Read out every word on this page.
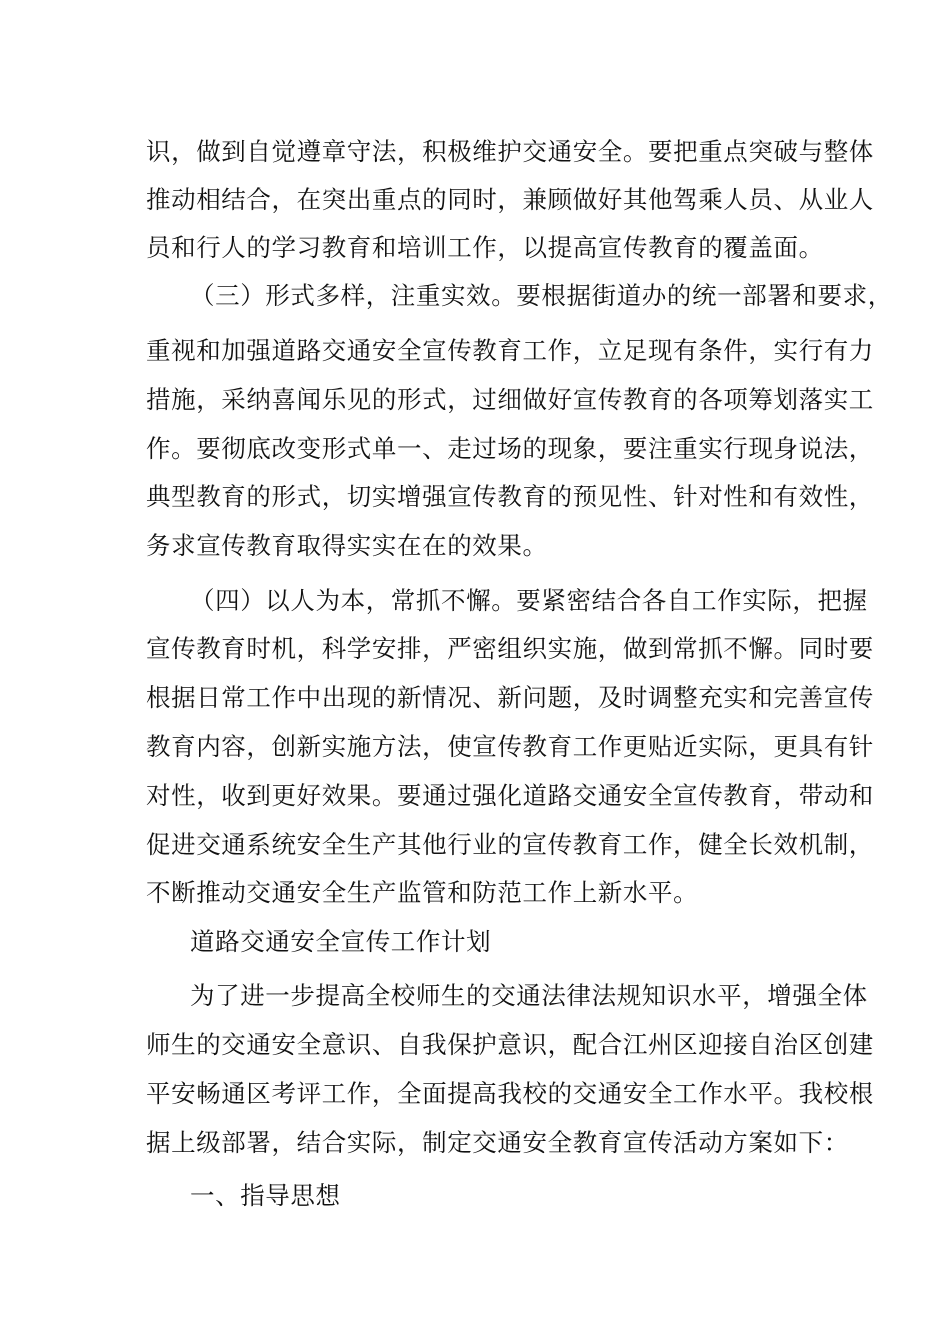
识，做到自觉遵章守法，积极维护交通安全。要把重点突破与整体

推动相结合，在突出重点的同时，兼顾做好其他驾乘人员、从业人

员和行人的学习教育和培训工作，以提高宣传教育的覆盖面。

（三）形式多样，注重实效。要根据街道办的统一部署和要求，

重视和加强道路交通安全宣传教育工作，立足现有条件，实行有力

措施，采纳喜闻乐见的形式，过细做好宣传教育的各项筹划落实工

作。要彻底改变形式单一、走过场的现象，要注重实行现身说法，

典型教育的形式，切实增强宣传教育的预见性、针对性和有效性，

务求宣传教育取得实实在在的效果。

（四）以人为本，常抓不懈。要紧密结合各自工作实际，把握

宣传教育时机，科学安排，严密组织实施，做到常抓不懈。同时要

根据日常工作中出现的新情况、新问题，及时调整充实和完善宣传

教育内容，创新实施方法，使宣传教育工作更贴近实际，更具有针

对性，收到更好效果。要通过强化道路交通安全宣传教育，带动和

促进交通系统安全生产其他行业的宣传教育工作，健全长效机制，

不断推动交通安全生产监管和防范工作上新水平。

道路交通安全宣传工作计划

为了进一步提高全校师生的交通法律法规知识水平，增强全体

师生的交通安全意识、自我保护意识，配合江州区迎接自治区创建

平安畅通区考评工作，全面提高我校的交通安全工作水平。我校根

据上级部署，结合实际，制定交通安全教育宣传活动方案如下：

一、指导思想
